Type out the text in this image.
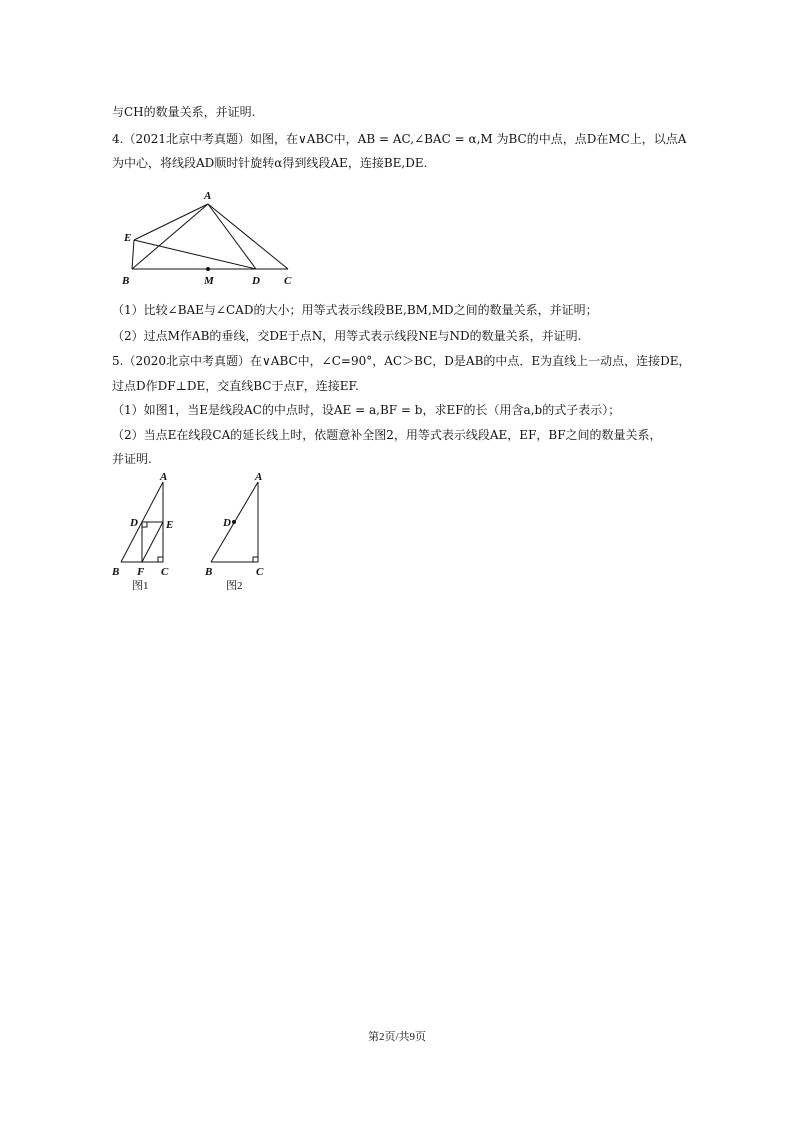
与CH的数量关系，并证明.
4.（2021北京中考真题）如图，在∨ABC中，AB = AC,∠BAC = α,M 为BC的中点，点D在MC上，以点A
为中心，将线段AD顺时针旋转α得到线段AE，连接BE,DE.
A
E
B	M	D C
（1）比较∠BAE与∠CAD的大小；用等式表示线段BE,BM,MD之间的数量关系，并证明；
（2）过点M作AB的垂线，交DE于点N，用等式表示线段NE与ND的数量关系，并证明.
5.（2020北京中考真题）在∨ABC中，∠C=90°，AC＞BC，D是AB的中点．E为直线上一动点，连接DE，
过点D作DF⊥DE，交直线BC于点F，连接EF.
（1）如图1，当E是线段AC的中点时，设AE = a,BF = b，求EF的长（用含a,b的式子表示）；
（2）当点E在线段CA的延长线上时，依题意补全图2，用等式表示线段AE，EF，BF之间的数量关系，
并证明.
A
D	E
B F C
图1
A
D
B	C
图2
第2页/共9页
